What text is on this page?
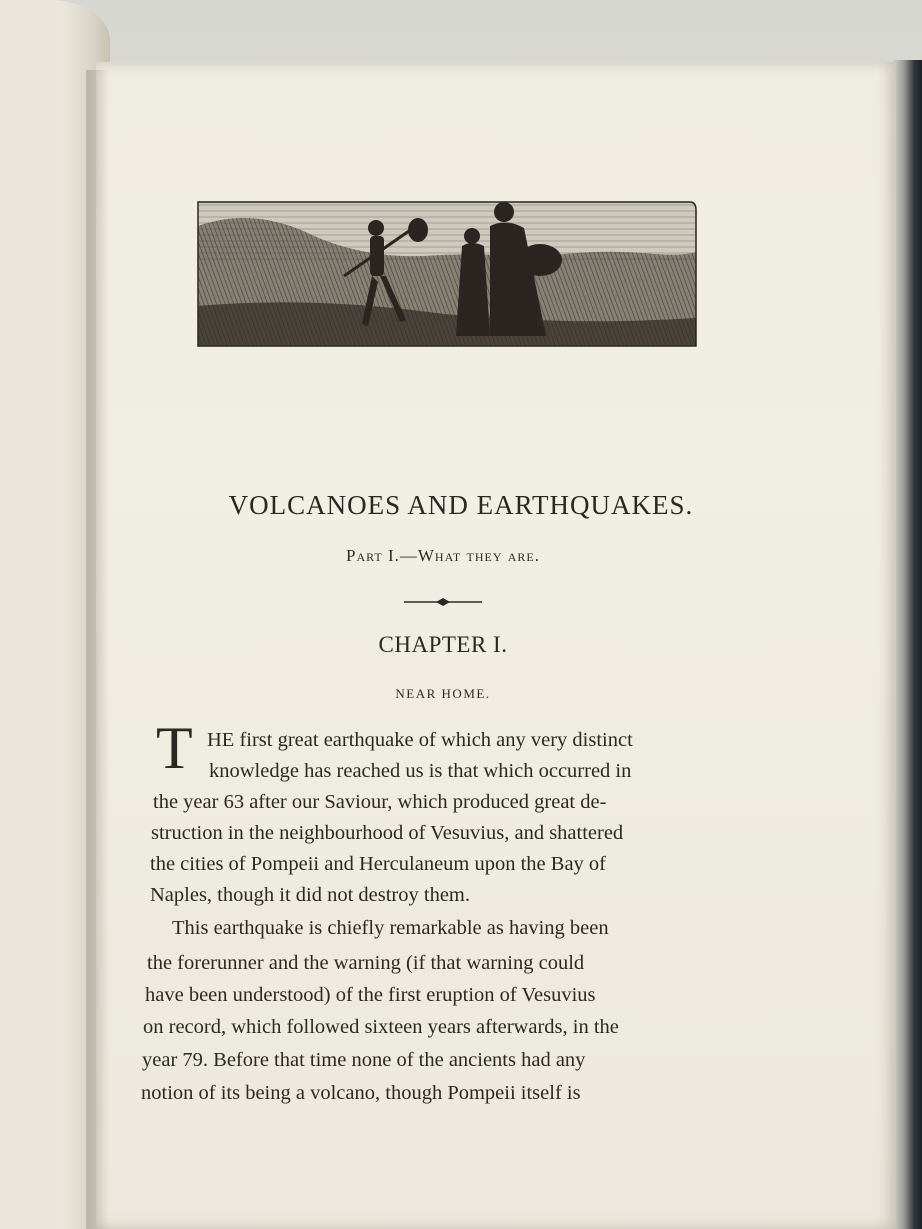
VOLCANOES AND EARTHQUAKES.
Part I.—What they are.
CHAPTER I.
NEAR HOME.
T HE first great earthquake of which any very distinct
knowledge has reached us is that which occurred in
the year 63 after our Saviour, which produced great de-
struction in the neighbourhood of Vesuvius, and shattered
the cities of Pompeii and Herculaneum upon the Bay of
Naples, though it did not destroy them.
This earthquake is chiefly remarkable as having been
the forerunner and the warning (if that warning could
have been understood) of the first eruption of Vesuvius
on record, which followed sixteen years afterwards, in the
year 79. Before that time none of the ancients had any
notion of its being a volcano, though Pompeii itself is
